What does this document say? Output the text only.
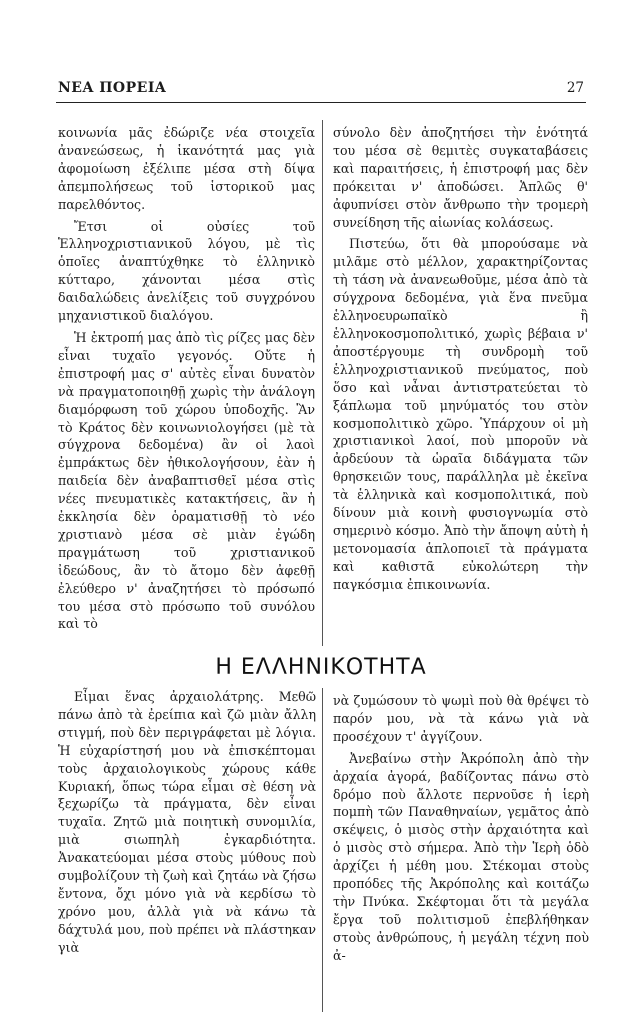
ΝΕΑ ΠΟΡΕΙΑ	27

κοινωνία μᾶς ἐδώριζε νέα στοιχεῖα ἀνανεώσεως, ἡ ἱκανότητά μας γιὰ ἀφομοίωση ἐξέλιπε μέσα στὴ δίψα ἀπεμπολήσεως τοῦ ἱστορικοῦ μας παρελθόντος.

Ἔτσι οἱ οὐσίες τοῦ Ἑλληνοχριστιανικοῦ λόγου, μὲ τὶς ὁποῖες ἀναπτύχθηκε τὸ ἑλληνικὸ κύτταρο, χάνονται μέσα στὶς δαιδαλώδεις ἀνελίξεις τοῦ συγχρόνου μηχανιστικοῦ διαλόγου.

Ἡ ἐκτροπή μας ἀπὸ τὶς ρίζες μας δὲν εἶναι τυχαῖο γεγονός. Οὔτε ἡ ἐπιστροφή μας σ' αὐτὲς εἶναι δυνατὸν νὰ πραγματοποιηθῇ χωρὶς τὴν ἀνάλογη διαμόρφωση τοῦ χώρου ὑποδοχῆς. Ἂν τὸ Κράτος δὲν κοινωνιολογήσει (μὲ τὰ σύγχρονα δεδομένα) ἂν οἱ λαοὶ ἐμπράκτως δὲν ἠθικολογήσουν, ἐὰν ἡ παιδεία δὲν ἀναβαπτισθεῖ μέσα στὶς νέες πνευματικὲς κατακτήσεις, ἂν ἡ ἐκκλησία δὲν ὁραματισθῇ τὸ νέο χριστιανὸ μέσα σὲ μιὰν ἐγώδη πραγμάτωση τοῦ χριστιανικοῦ ἰδεώδους, ἂν τὸ ἄτομο δὲν ἀφεθῇ ἐλεύθερο ν' ἀναζητήσει τὸ πρόσωπό του μέσα στὸ πρόσωπο τοῦ συνόλου καὶ τὸ

σύνολο δὲν ἀποζητήσει τὴν ἑνότητά του μέσα σὲ θεμιτὲς συγκαταβάσεις καὶ παραιτήσεις, ἡ ἐπιστροφή μας δὲν πρόκειται ν' ἀποδώσει. Ἁπλῶς θ' ἀφυπνίσει στὸν ἄνθρωπο τὴν τρομερὴ συνείδηση τῆς αἰωνίας κολάσεως.

Πιστεύω, ὅτι θὰ μπορούσαμε νὰ μιλᾶμε στὸ μέλλον, χαρακτηρίζοντας τὴ τάση νὰ ἀνανεωθοῦμε, μέσα ἀπὸ τὰ σύγχρονα δεδομένα, γιὰ ἕνα πνεῦμα ἑλληνοευρωπαϊκὸ ἢ ἑλληνοκοσμοπολιτικό, χωρὶς βέβαια ν' ἀποστέργουμε τὴ συνδρομὴ τοῦ ἑλληνοχριστιανικοῦ πνεύματος, ποὺ ὅσο καὶ νἆναι ἀντιστρατεύεται τὸ ξάπλωμα τοῦ μηνύματός του στὸν κοσμοπολιτικὸ χῶρο. Ὑπάρχουν οἱ μὴ χριστιανικοὶ λαοί, ποὺ μποροῦν νὰ ἀρδεύουν τὰ ὡραῖα διδάγματα τῶν θρησκειῶν τους, παράλληλα μὲ ἐκεῖνα τὰ ἑλληνικὰ καὶ κοσμοπολιτικά, ποὺ δίνουν μιὰ κοινὴ φυσιογνωμία στὸ σημερινὸ κόσμο. Ἀπὸ τὴν ἄποψη αὐτὴ ἡ μετονομασία ἁπλοποιεῖ τὰ πράγματα καὶ καθιστᾶ εὐκολώτερη τὴν παγκόσμια ἐπικοινωνία.

Η ΕΛΛΗΝΙΚΟΤΗΤΑ

Εἶμαι ἕνας ἀρχαιολάτρης. Μεθῶ πάνω ἀπὸ τὰ ἐρείπια καὶ ζῶ μιὰν ἄλλη στιγμή, ποὺ δὲν περιγράφεται μὲ λόγια. Ἡ εὐχαρίστησή μου νὰ ἐπισκέπτομαι τοὺς ἀρχαιολογικοὺς χώρους κάθε Κυριακή, ὅπως τώρα εἶμαι σὲ θέση νὰ ξεχωρίζω τὰ πράγματα, δὲν εἶναι τυχαῖα. Ζητῶ μιὰ ποιητικὴ συνομιλία, μιὰ σιωπηλὴ ἐγκαρδιότητα. Ἀνακατεύομαι μέσα στοὺς μύθους ποὺ συμβολίζουν τὴ ζωὴ καὶ ζητάω νὰ ζήσω ἔντονα, ὄχι μόνο γιὰ νὰ κερδίσω τὸ χρόνο μου, ἀλλὰ γιὰ νὰ κάνω τὰ δάχτυλά μου, ποὺ πρέπει νὰ πλάστηκαν γιὰ

νὰ ζυμώσουν τὸ ψωμὶ ποὺ θὰ θρέψει τὸ παρόν μου, νὰ τὰ κάνω γιὰ νὰ προσέχουν τ' ἀγγίζουν.

Ἀνεβαίνω στὴν Ἀκρόπολη ἀπὸ τὴν ἀρχαία ἀγορά, βαδίζοντας πάνω στὸ δρόμο ποὺ ἄλλοτε περνοῦσε ἡ ἱερὴ πομπὴ τῶν Παναθηναίων, γεμᾶτος ἀπὸ σκέψεις, ὁ μισὸς στὴν ἀρχαιότητα καὶ ὁ μισὸς στὸ σήμερα. Ἀπὸ τὴν Ἱερὴ ὁδὸ ἀρχίζει ἡ μέθη μου. Στέκομαι στοὺς προπόδες τῆς Ἀκρόπολης καὶ κοιτάζω τὴν Πνύκα. Σκέφτομαι ὅτι τὰ μεγάλα ἔργα τοῦ πολιτισμοῦ ἐπεβλήθηκαν στοὺς ἀνθρώπους, ἡ μεγάλη τέχνη ποὺ ἀ-
